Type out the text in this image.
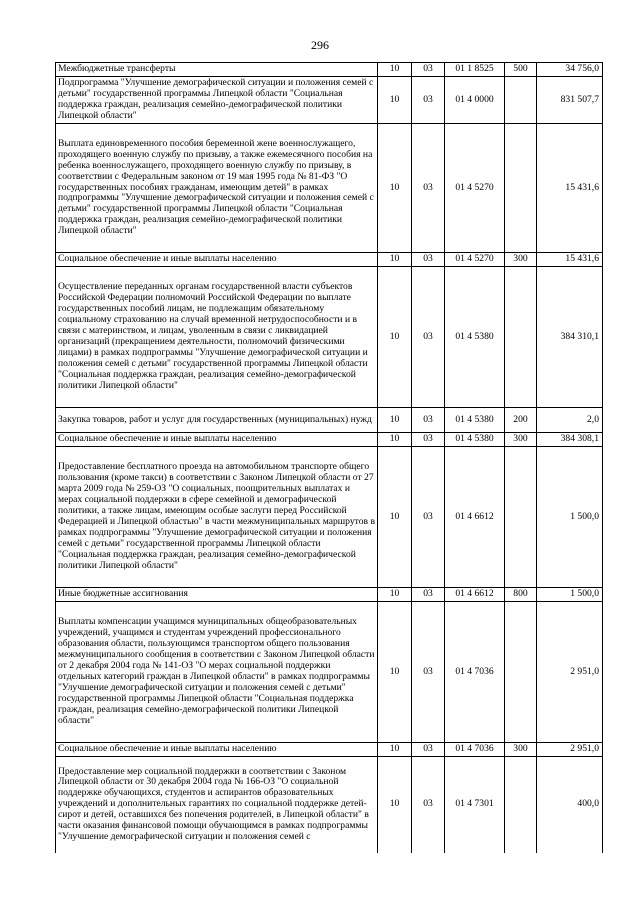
296
Межбюджетные трансферты	10	03	01 1 8525	500	34 756,0
Подпрограмма "Улучшение демографической ситуации и положения семей с детьми" государственной программы Липецкой области "Социальная поддержка граждан, реализация семейно-демографической политики Липецкой области"	10	03	01 4 0000		831 507,7
Выплата единовременного пособия беременной жене военнослужащего, проходящего военную службу по призыву, а также ежемесячного пособия на ребенка военнослужащего, проходящего военную службу по призыву, в соответствии с Федеральным законом от 19 мая 1995 года № 81-ФЗ "О государственных пособиях гражданам, имеющим детей" в рамках подпрограммы "Улучшение демографической ситуации и положения семей с детьми" государственной программы Липецкой области "Социальная поддержка граждан, реализация семейно-демографической политики Липецкой области"	10	03	01 4 5270		15 431,6
Социальное обеспечение и иные выплаты населению	10	03	01 4 5270	300	15 431,6
Осуществление переданных органам государственной власти субъектов Российской Федерации полномочий Российской Федерации по выплате государственных пособий лицам, не подлежащим обязательному социальному страхованию на случай временной нетрудоспособности и в связи с материнством, и лицам, уволенным в связи с ликвидацией организаций (прекращением деятельности, полномочий физическими лицами) в рамках подпрограммы "Улучшение демографической ситуации и положения семей с детьми" государственной программы Липецкой области "Социальная поддержка граждан, реализация семейно-демографической политики Липецкой области"	10	03	01 4 5380		384 310,1
Закупка товаров, работ и услуг для государственных (муниципальных) нужд	10	03	01 4 5380	200	2,0
Социальное обеспечение и иные выплаты населению	10	03	01 4 5380	300	384 308,1
Предоставление бесплатного проезда на автомобильном транспорте общего пользования (кроме такси) в соответствии с Законом Липецкой области от 27 марта 2009 года № 259-ОЗ "О социальных, поощрительных выплатах и мерах социальной поддержки в сфере семейной и демографической политики, а также лицам, имеющим особые заслуги перед Российской Федерацией и Липецкой областью" в части межмуниципальных маршрутов в рамках подпрограммы "Улучшение демографической ситуации и положения семей с детьми" государственной программы Липецкой области "Социальная поддержка граждан, реализация семейно-демографической политики Липецкой области"	10	03	01 4 6612		1 500,0
Иные бюджетные ассигнования	10	03	01 4 6612	800	1 500,0
Выплаты компенсации учащимся муниципальных общеобразовательных учреждений, учащимся и студентам учреждений профессионального образования области, пользующимся транспортом общего пользования межмуниципального сообщения в соответствии с Законом Липецкой области от 2 декабря 2004 года № 141-ОЗ "О мерах социальной поддержки отдельных категорий граждан в Липецкой области" в рамках подпрограммы "Улучшение демографической ситуации и положения семей с детьми" государственной программы Липецкой области "Социальная поддержка граждан, реализация семейно-демографической политики Липецкой области"	10	03	01 4 7036		2 951,0
Социальное обеспечение и иные выплаты населению	10	03	01 4 7036	300	2 951,0
Предоставление мер социальной поддержки в соответствии с Законом Липецкой области от 30 декабря 2004 года № 166-ОЗ "О социальной поддержке обучающихся, студентов и аспирантов образовательных учреждений и дополнительных гарантиях по социальной поддержке детей-сирот и детей, оставшихся без попечения родителей, в Липецкой области" в части оказания финансовой помощи обучающимся в рамках подпрограммы "Улучшение демографической ситуации и положения семей с	10	03	01 4 7301		400,0
